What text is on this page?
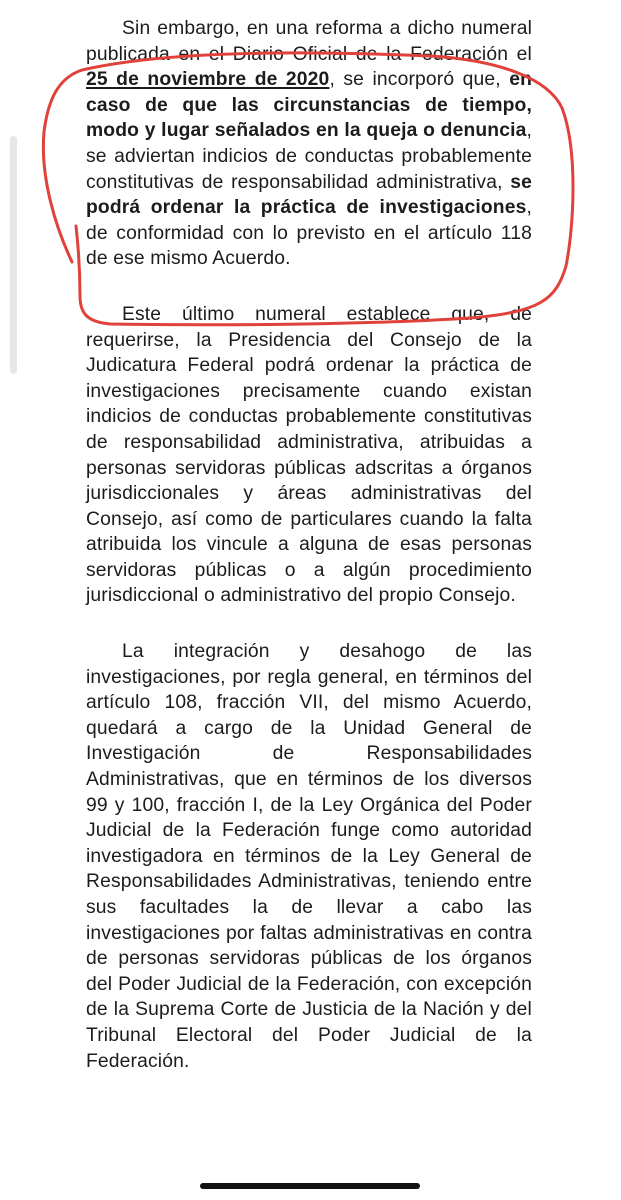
Sin embargo, en una reforma a dicho numeral publicada en el Diario Oficial de la Federación el 25 de noviembre de 2020, se incorporó que, en caso de que las circunstancias de tiempo, modo y lugar señalados en la queja o denuncia, se adviertan indicios de conductas probablemente constitutivas de responsabilidad administrativa, se podrá ordenar la práctica de investigaciones, de conformidad con lo previsto en el artículo 118 de ese mismo Acuerdo.

Este último numeral establece que, de requerirse, la Presidencia del Consejo de la Judicatura Federal podrá ordenar la práctica de investigaciones precisamente cuando existan indicios de conductas probablemente constitutivas de responsabilidad administrativa, atribuidas a personas servidoras públicas adscritas a órganos jurisdiccionales y áreas administrativas del Consejo, así como de particulares cuando la falta atribuida los vincule a alguna de esas personas servidoras públicas o a algún procedimiento jurisdiccional o administrativo del propio Consejo.

La integración y desahogo de las investigaciones, por regla general, en términos del artículo 108, fracción VII, del mismo Acuerdo, quedará a cargo de la Unidad General de Investigación de Responsabilidades Administrativas, que en términos de los diversos 99 y 100, fracción I, de la Ley Orgánica del Poder Judicial de la Federación funge como autoridad investigadora en términos de la Ley General de Responsabilidades Administrativas, teniendo entre sus facultades la de llevar a cabo las investigaciones por faltas administrativas en contra de personas servidoras públicas de los órganos del Poder Judicial de la Federación, con excepción de la Suprema Corte de Justicia de la Nación y del Tribunal Electoral del Poder Judicial de la Federación.
